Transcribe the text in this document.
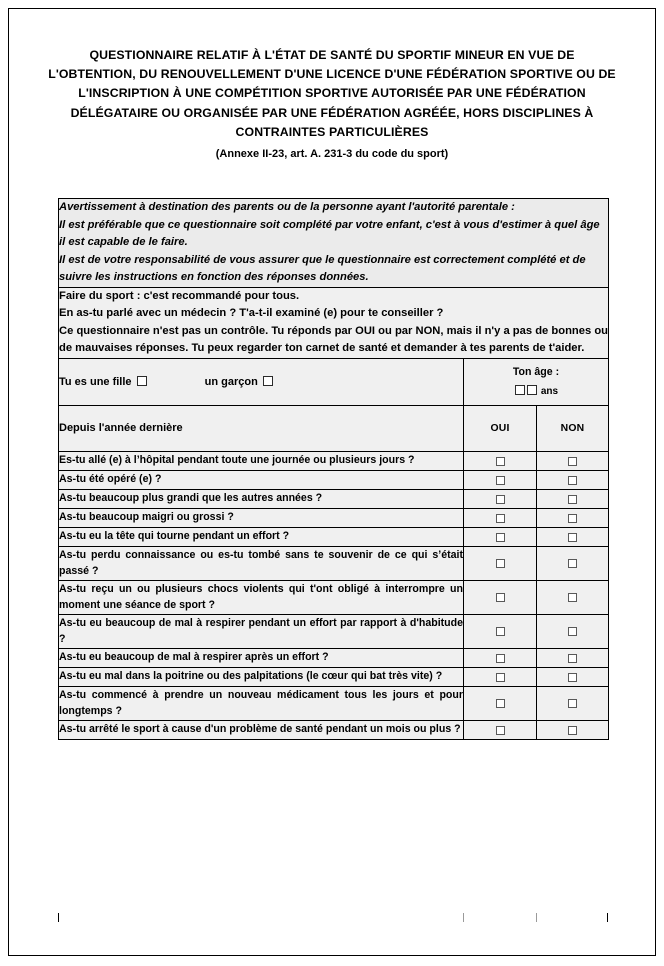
QUESTIONNAIRE RELATIF À L'ÉTAT DE SANTÉ DU SPORTIF MINEUR EN VUE DE
L'OBTENTION, DU RENOUVELLEMENT D'UNE LICENCE D'UNE FÉDÉRATION SPORTIVE OU DE
L'INSCRIPTION À UNE COMPÉTITION SPORTIVE AUTORISÉE PAR UNE FÉDÉRATION
DÉLÉGATAIRE OU ORGANISÉE PAR UNE FÉDÉRATION AGRÉÉE, HORS DISCIPLINES À
CONTRAINTES PARTICULIÈRES
(Annexe II-23, art. A. 231-3 du code du sport)

Avertissement à destination des parents ou de la personne ayant l'autorité parentale :

Il est préférable que ce questionnaire soit complété par votre enfant, c'est à vous d'estimer à quel âge il est capable de le faire.

Il est de votre responsabilité de vous assurer que le questionnaire est correctement complété et de suivre les instructions en fonction des réponses données.		

Faire du sport : c'est recommandé pour tous.

En as-tu parlé avec un médecin ? T'a-t-il examiné (e) pour te conseiller ?

Ce questionnaire n'est pas un contrôle. Tu réponds par OUI ou par NON, mais il n'y a pas de bonnes ou de mauvaises réponses. Tu peux regarder ton carnet de santé et demander à tes parents de t'aider.		

Tu es une fille un garçon	Ton âge :
ans	

Depuis l'année dernière	OUI	NON
Es-tu allé (e) à l’hôpital pendant toute une journée ou plusieurs jours ?		
As-tu été opéré (e) ?		
As-tu beaucoup plus grandi que les autres années ?		
As-tu beaucoup maigri ou grossi ?		
As-tu eu la tête qui tourne pendant un effort ?		
As-tu perdu connaissance ou es-tu tombé sans te souvenir de ce qui s’était passé ?		
As-tu reçu un ou plusieurs chocs violents qui t'ont obligé à interrompre un moment une séance de sport ?		
As-tu eu beaucoup de mal à respirer pendant un effort par rapport à d'habitude ?		
As-tu eu beaucoup de mal à respirer après un effort ?		
As-tu eu mal dans la poitrine ou des palpitations (le cœur qui bat très vite) ?		
As-tu commencé à prendre un nouveau médicament tous les jours et pour longtemps ?		
As-tu arrêté le sport à cause d'un problème de santé pendant un mois ou plus ?		
